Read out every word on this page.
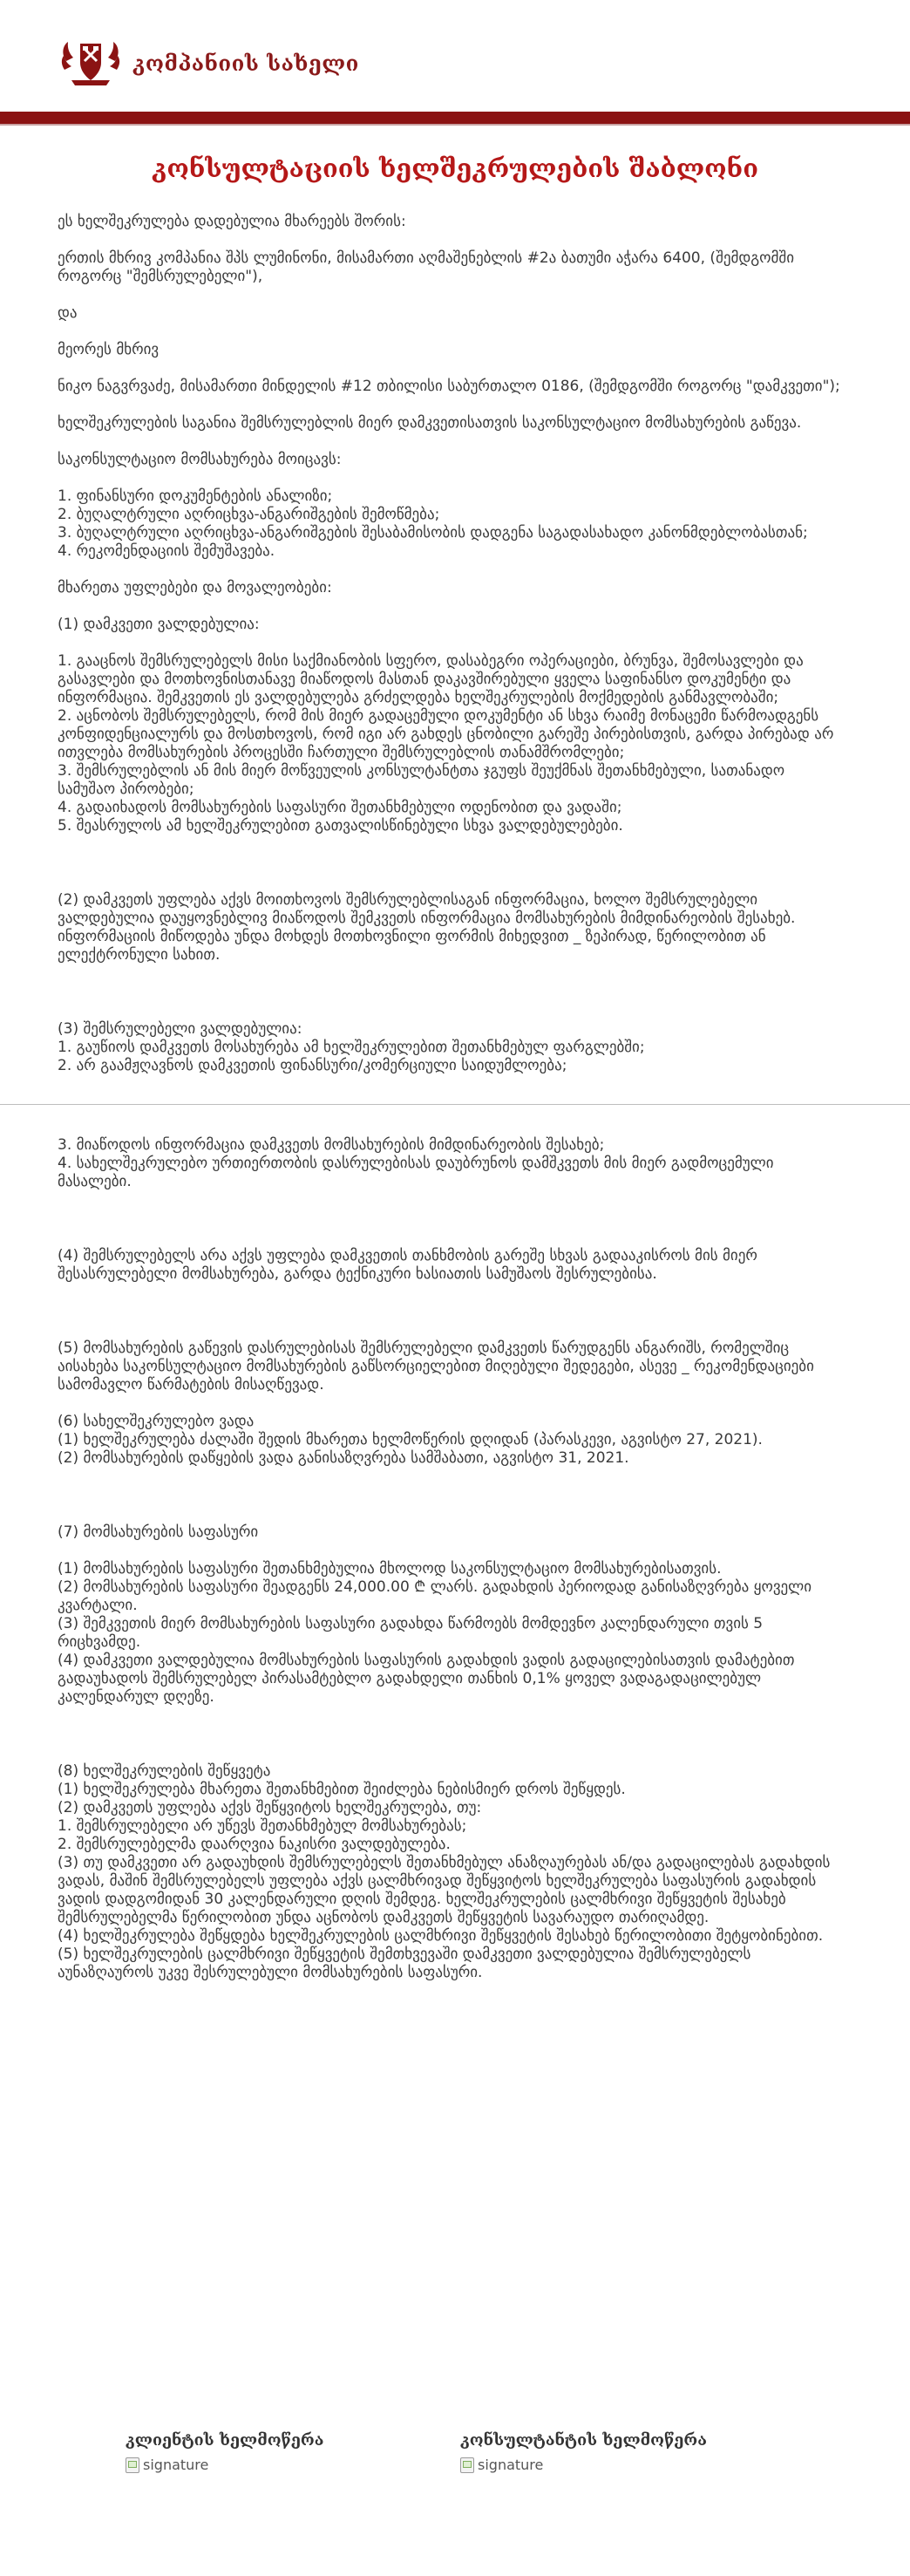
კომპანიის სახელი
კონსულტაციის ხელშეკრულების შაბლონი

ეს ხელშეკრულება დადებულია მხარეებს შორის:

ერთის მხრივ კომპანია შპს ლუმინონი, მისამართი აღმაშენებლის #2ა ბათუმი აჭარა 6400, (შემდგომში როგორც "შემსრულებელი"),

და

მეორეს მხრივ

ნიკო ნაგვრვაძე, მისამართი მინდელის #12 თბილისი საბურთალო 0186, (შემდგომში როგორც "დამკვეთი");

ხელშეკრულების საგანია შემსრულებლის მიერ დამკვეთისათვის საკონსულტაციო მომსახურების გაწევა.

საკონსულტაციო მომსახურება მოიცავს:

1. ფინანსური დოკუმენტების ანალიზი;

2. ბუღალტრული აღრიცხვა-ანგარიშგების შემოწმება;

3. ბუღალტრული აღრიცხვა-ანგარიშგების შესაბამისობის დადგენა საგადასახადო კანონმდებლობასთან;

4. რეკომენდაციის შემუშავება.

მხარეთა უფლებები და მოვალეობები:

(1) დამკვეთი ვალდებულია:

1. გააცნოს შემსრულებელს მისი საქმიანობის სფერო, დასაბეგრი ოპერაციები, ბრუნვა, შემოსავლები და გასავლები და მოთხოვნისთანავე მიაწოდოს მასთან დაკავშირებული ყველა საფინანსო დოკუმენტი და ინფორმაცია. შემკვეთის ეს ვალდებულება გრძელდება ხელშეკრულების მოქმედების განმავლობაში;

2. აცნობოს შემსრულებელს, რომ მის მიერ გადაცემული დოკუმენტი ან სხვა რაიმე მონაცემი წარმოადგენს კონფიდენციალურს და მოსთხოვოს, რომ იგი არ გახდეს ცნობილი გარეშე პირებისთვის, გარდა პირებად არ ითვლება მომსახურების პროცესში ჩართული შემსრულებლის თანამშრომლები;

3. შემსრულებლის ან მის მიერ მოწვეულის კონსულტანტთა ჯგუფს შეუქმნას შეთანხმებული, სათანადო სამუშაო პირობები;

4. გადაიხადოს მომსახურების საფასური შეთანხმებული ოდენობით და ვადაში;

5. შეასრულოს ამ ხელშეკრულებით გათვალისწინებული სხვა ვალდებულებები.

(2) დამკვეთს უფლება აქვს მოითხოვოს შემსრულებლისაგან ინფორმაცია, ხოლო შემსრულებელი ვალდებულია დაუყოვნებლივ მიაწოდოს შემკვეთს ინფორმაცია მომსახურების მიმდინარეობის შესახებ. ინფორმაციის მიწოდება უნდა მოხდეს მოთხოვნილი ფორმის მიხედვით _ ზეპირად, წერილობით ან ელექტრონული სახით.

(3) შემსრულებელი ვალდებულია:

1. გაუწიოს დამკვეთს მოსახურება ამ ხელშეკრულებით შეთანხმებულ ფარგლებში;

2. არ გაამჟღავნოს დამკვეთის ფინანსური/კომერციული საიდუმლოება;

3. მიაწოდოს ინფორმაცია დამკვეთს მომსახურების მიმდინარეობის შესახებ;

4. სახელშეკრულებო ურთიერთობის დასრულებისას დაუბრუნოს დამშკვეთს მის მიერ გადმოცემული მასალები.

(4) შემსრულებელს არა აქვს უფლება დამკვეთის თანხმობის გარეშე სხვას გადააკისროს მის მიერ შესასრულებელი მომსახურება, გარდა ტექნიკური ხასიათის სამუშაოს შესრულებისა.

(5) მომსახურების გაწევის დასრულებისას შემსრულებელი დამკვეთს წარუდგენს ანგარიშს, რომელშიც აისახება საკონსულტაციო მომსახურების გაწსორციელებით მიღებული შედეგები, ასევე _ რეკომენდაციები სამომავლო წარმატების მისაღწევად.

(6) სახელშეკრულებო ვადა

(1) ხელშეკრულება ძალაში შედის მხარეთა ხელმოწერის დღიდან (პარასკევი, აგვისტო 27, 2021).

(2) მომსახურების დაწყების ვადა განისაზღვრება სამშაბათი, აგვისტო 31, 2021.

(7) მომსახურების საფასური

(1) მომსახურების საფასური შეთანხმებულია მხოლოდ საკონსულტაციო მომსახურებისათვის.

(2) მომსახურების საფასური შეადგენს 24,000.00 ₾ ლარს. გადახდის პერიოდად განისაზღვრება ყოველი კვარტალი.

(3) შემკვეთის მიერ მომსახურების საფასური გადახდა წარმოებს მომდევნო კალენდარული თვის 5 რიცხვამდე.

(4) დამკვეთი ვალდებულია მომსახურების საფასურის გადახდის ვადის გადაცილებისათვის დამატებით გადაუხადოს შემსრულებელ პირასამტებლო გადახდელი თანხის 0,1% ყოველ ვადაგადაცილებულ კალენდარულ დღეზე.

(8) ხელშეკრულების შეწყვეტა

(1) ხელშეკრულება მხარეთა შეთანხმებით შეიძლება ნებისმიერ დროს შეწყდეს.

(2) დამკვეთს უფლება აქვს შეწყვიტოს ხელშეკრულება, თუ:

1. შემსრულებელი არ უწევს შეთანხმებულ მომსახურებას;

2. შემსრულებელმა დაარღვია ნაკისრი ვალდებულება.

(3) თუ დამკვეთი არ გადაუხდის შემსრულებელს შეთანხმებულ ანაზღაურებას ან/და გადაცილებას გადახდის ვადას, მაშინ შემსრულებელს უფლება აქვს ცალმხრივად შეწყვიტოს ხელშეკრულება საფასურის გადახდის ვადის დადგომიდან 30 კალენდარული დღის შემდეგ. ხელშეკრულების ცალმხრივი შეწყვეტის შესახებ შემსრულებელმა წერილობით უნდა აცნობოს დამკვეთს შეწყვეტის სავარაუდო თარიღამდე.

(4) ხელშეკრულება შეწყდება ხელშეკრულების ცალმხრივი შეწყვეტის შესახებ წერილობითი შეტყობინებით.

(5) ხელშეკრულების ცალმხრივი შეწყვეტის შემთხვევაში დამკვეთი ვალდებულია შემსრულებელს აუნაზღაუროს უკვე შესრულებული მომსახურების საფასური.

კლიენტის ხელმოწერა
signature
კონსულტანტის ხელმოწერა
signature
